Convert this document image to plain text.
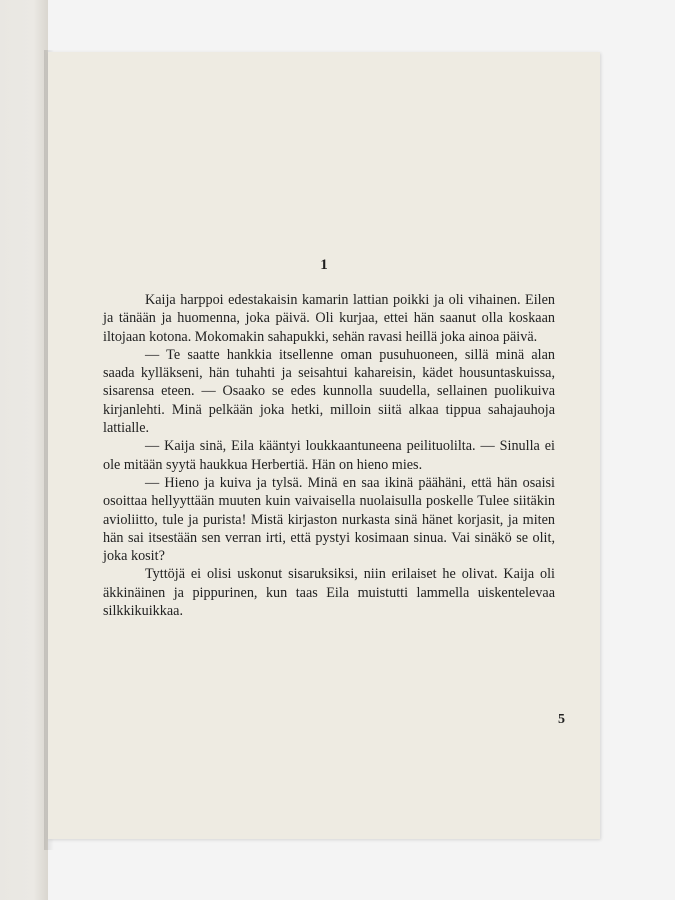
1

Kaija harppoi edestakaisin kamarin lattian poikki ja oli vihainen. Eilen ja tänään ja huomenna, joka päivä. Oli kurjaa, ettei hän saanut olla koskaan iltojaan kotona. Mokomakin sahapukki, sehän ravasi heillä joka ainoa päivä.

— Te saatte hankkia itsellenne oman pusuhuoneen, sillä minä alan saada kylläkseni, hän tuhahti ja seisahtui kahareisin, kädet housuntaskuissa, sisarensa eteen. — Osaako se edes kunnolla suudella, sellainen puolikuiva kirjanlehti. Minä pelkään joka hetki, milloin siitä alkaa tippua sahajauhoja lattialle.

— Kaija sinä, Eila kääntyi loukkaantuneena peilituolilta. — Sinulla ei ole mitään syytä haukkua Herbertiä. Hän on hieno mies.

— Hieno ja kuiva ja tylsä. Minä en saa ikinä päähäni, että hän osaisi osoittaa hellyyttään muuten kuin vaivaisella nuolaisulla poskelle Tulee siitäkin avioliitto, tule ja purista! Mistä kirjaston nurkasta sinä hänet korjasit, ja miten hän sai itsestään sen verran irti, että pystyi kosimaan sinua. Vai sinäkö se olit, joka kosit?

Tyttöjä ei olisi uskonut sisaruksiksi, niin erilaiset he olivat. Kaija oli äkkinäinen ja pippurinen, kun taas Eila muistutti lammella uiskentelevaa silkkikuikkaa.

5
